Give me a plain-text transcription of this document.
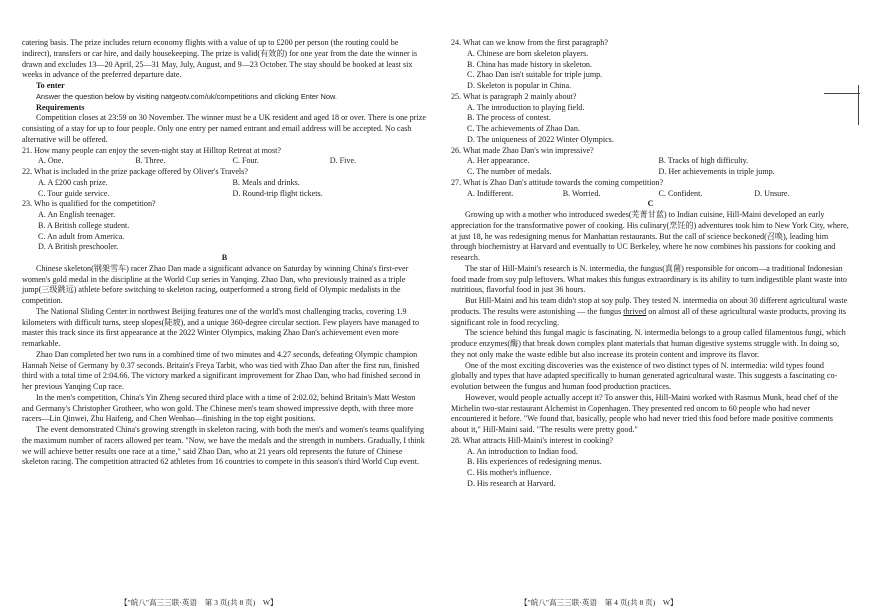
catering basis. The prize includes return economy flights with a value of up to £200 per person (the routing could be indirect), transfers or car hire, and daily housekeeping. The prize is valid(有效的) for one year from the date the winner is drawn and excludes 13—20 April, 25—31 May, July, August, and 9—23 October. The stay should be booked at least six weeks in advance of the preferred departure date.

To enter

Answer the question below by visiting natgeotv.com/uk/competitions and clicking Enter Now.

Requirements

Competition closes at 23:59 on 30 November. The winner must be a UK resident and aged 18 or over. There is one prize consisting of a stay for up to four people. Only one entry per named entrant and email address will be accepted. No cash alternative will be offered.

21. How many people can enjoy the seven-night stay at Hilltop Retreat at most?

A. One.	B. Three.	C. Four.	D. Five.

22. What is included in the prize package offered by Oliver's Travels?

A. A £200 cash prize.	B. Meals and drinks.
C. Tour guide service.	D. Round-trip flight tickets.

23. Who is qualified for the competition?

A. An English teenager.

B. A British college student.

C. An adult from America.

D. A British preschooler.

B

Chinese skeleton(钢架雪车) racer Zhao Dan made a significant advance on Saturday by winning China's first-ever women's gold medal in the discipline at the World Cup series in Yanqing. Zhao Dan, who previously trained as a triple jump(三级跳远) athlete before switching to skeleton racing, outperformed a strong field of Olympic medalists in the competition.

The National Sliding Center in northwest Beijing features one of the world's most challenging tracks, covering 1.9 kilometers with difficult turns, steep slopes(陡坡), and a unique 360-degree circular section. Few players have managed to master this track since its first appearance at the 2022 Winter Olympics, making Zhao Dan's achievement even more remarkable.

Zhao Dan completed her two runs in a combined time of two minutes and 4.27 seconds, defeating Olympic champion Hannah Neise of Germany by 0.37 seconds. Britain's Freya Tarbit, who was tied with Zhao Dan after the first run, finished third with a total time of 2:04.66. The victory marked a significant improvement for Zhao Dan, who had finished second in her previous Yanqing Cup race.

In the men's competition, China's Yin Zheng secured third place with a time of 2:02.02, behind Britain's Matt Weston and Germany's Christopher Grotheer, who won gold. The Chinese men's team showed impressive depth, with three more racers—Lin Qinwei, Zhu Haifeng, and Chen Wenhao—finishing in the top eight positions.

The event demonstrated China's growing strength in skeleton racing, with both the men's and women's teams qualifying the maximum number of racers allowed per team. "Now, we have the medals and the strength in numbers. Gradually, I think we will achieve better results one race at a time," said Zhao Dan, who at 21 years old represents the future of Chinese skeleton racing. The competition attracted 62 athletes from 16 countries to compete in this season's third World Cup event.

【"皖八"高三三联·英语　第 3 页(共 8 页)　W】

24. What can we know from the first paragraph?

A. Chinese are born skeleton players.

B. China has made history in skeleton.

C. Zhao Dan isn't suitable for triple jump.

D. Skeleton is popular in China.

25. What is paragraph 2 mainly about?

A. The introduction to playing field.

B. The process of contest.

C. The achievements of Zhao Dan.

D. The uniqueness of 2022 Winter Olympics.

26. What made Zhao Dan's win impressive?

A. Her appearance.	B. Tracks of high difficulty.
C. The number of medals.	D. Her achievements in triple jump.

27. What is Zhao Dan's attitude towards the coming competition?

A. Indifferent.	B. Worried.	C. Confident.	D. Unsure.

C

Growing up with a mother who introduced swedes(芜菁甘蓝) to Indian cuisine, Hill-Maini developed an early appreciation for the transformative power of cooking. His culinary(烹饪的) adventures took him to New York City, where, at just 18, he was redesigning menus for Manhattan restaurants. But the call of science beckoned(召唤), leading him through biochemistry at Harvard and eventually to UC Berkeley, where he now combines his passions for cooking and research.

The star of Hill-Maini's research is N. intermedia, the fungus(真菌) responsible for oncom—a traditional Indonesian food made from soy pulp leftovers. What makes this fungus extraordinary is its ability to turn indigestible plant waste into nutritious, flavorful food in just 36 hours.

But Hill-Maini and his team didn't stop at soy pulp. They tested N. intermedia on about 30 different agricultural waste products. The results were astonishing — the fungus thrived on almost all of these agricultural waste products, proving its significant role in food recycling.

The science behind this fungal magic is fascinating. N. intermedia belongs to a group called filamentous fungi, which produce enzymes(酶) that break down complex plant materials that human digestive systems struggle with. In doing so, they not only make the waste edible but also increase its protein content and improve its flavor.

One of the most exciting discoveries was the existence of two distinct types of N. intermedia: wild types found globally and types that have adapted specifically to human generated agricultural waste. This suggests a fascinating co-evolution between the fungus and human food production practices.

However, would people actually accept it? To answer this, Hill-Maini worked with Rasmus Munk, head chef of the Michelin two-star restaurant Alchemist in Copenhagen. They presented red oncom to 60 people who had never encountered it before. "We found that, basically, people who had never tried this food before made positive comments about it," Hill-Maini said. "The results were pretty good."

28. What attracts Hill-Maini's interest in cooking?

A. An introduction to Indian food.

B. His experiences of redesigning menus.

C. His mother's influence.

D. His research at Harvard.

【"皖八"高三三联·英语　第 4 页(共 8 页)　W】
